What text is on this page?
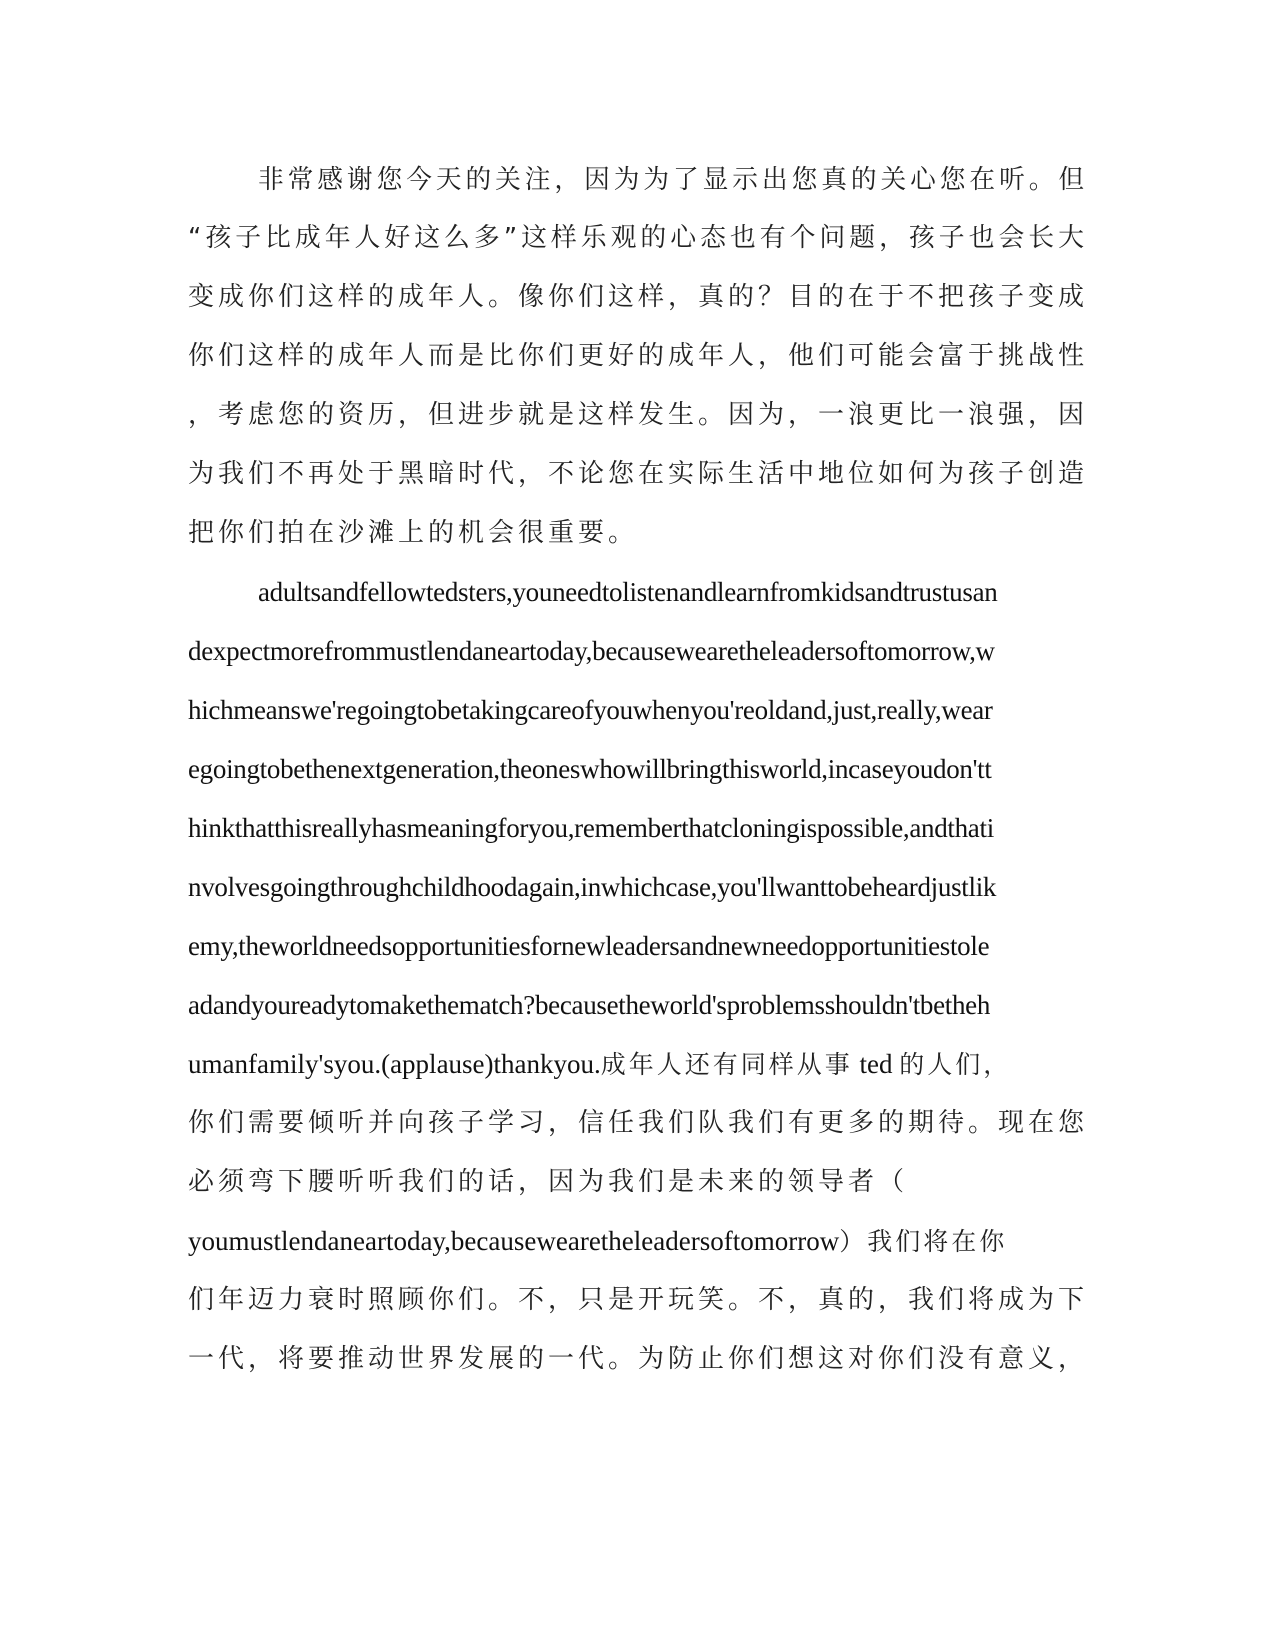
非常感谢您今天的关注，因为为了显示出您真的关心您在听。但
“孩子比成年人好这么多”这样乐观的心态也有个问题，孩子也会长大
变成你们这样的成年人。像你们这样，真的？目的在于不把孩子变成
你们这样的成年人而是比你们更好的成年人，他们可能会富于挑战性
，考虑您的资历，但进步就是这样发生。因为，一浪更比一浪强，因
为我们不再处于黑暗时代，不论您在实际生活中地位如何为孩子创造
把你们拍在沙滩上的机会很重要。
adultsandfellowtedsters,youneedtolistenandlearnfromkidsandtrustusan
dexpectmorefrommustlendaneartoday,becausewearetheleadersoftomorrow,w
hichmeanswe'regoingtobetakingcareofyouwhenyou'reoldand,just,really,wear
egoingtobethenextgeneration,theoneswhowillbringthisworld,incaseyoudon'tt
hinkthatthisreallyhasmeaningforyou,rememberthatcloningispossible,andthati
nvolvesgoingthroughchildhoodagain,inwhichcase,you'llwanttobeheardjustlik
emy,theworldneedsopportunitiesfornewleadersandnewneedopportunitiestole
adandyoureadytomakethematch?becausetheworld'sproblemsshouldn'tbetheh
umanfamily'syou.(applause)thankyou.成年人还有同样从事 ted 的人们，
你们需要倾听并向孩子学习，信任我们队我们有更多的期待。现在您
必须弯下腰听听我们的话，因为我们是未来的领导者（
youmustlendaneartoday,becausewearetheleadersoftomorrow）我们将在你
们年迈力衰时照顾你们。不，只是开玩笑。不，真的，我们将成为下
一代，将要推动世界发展的一代。为防止你们想这对你们没有意义，
